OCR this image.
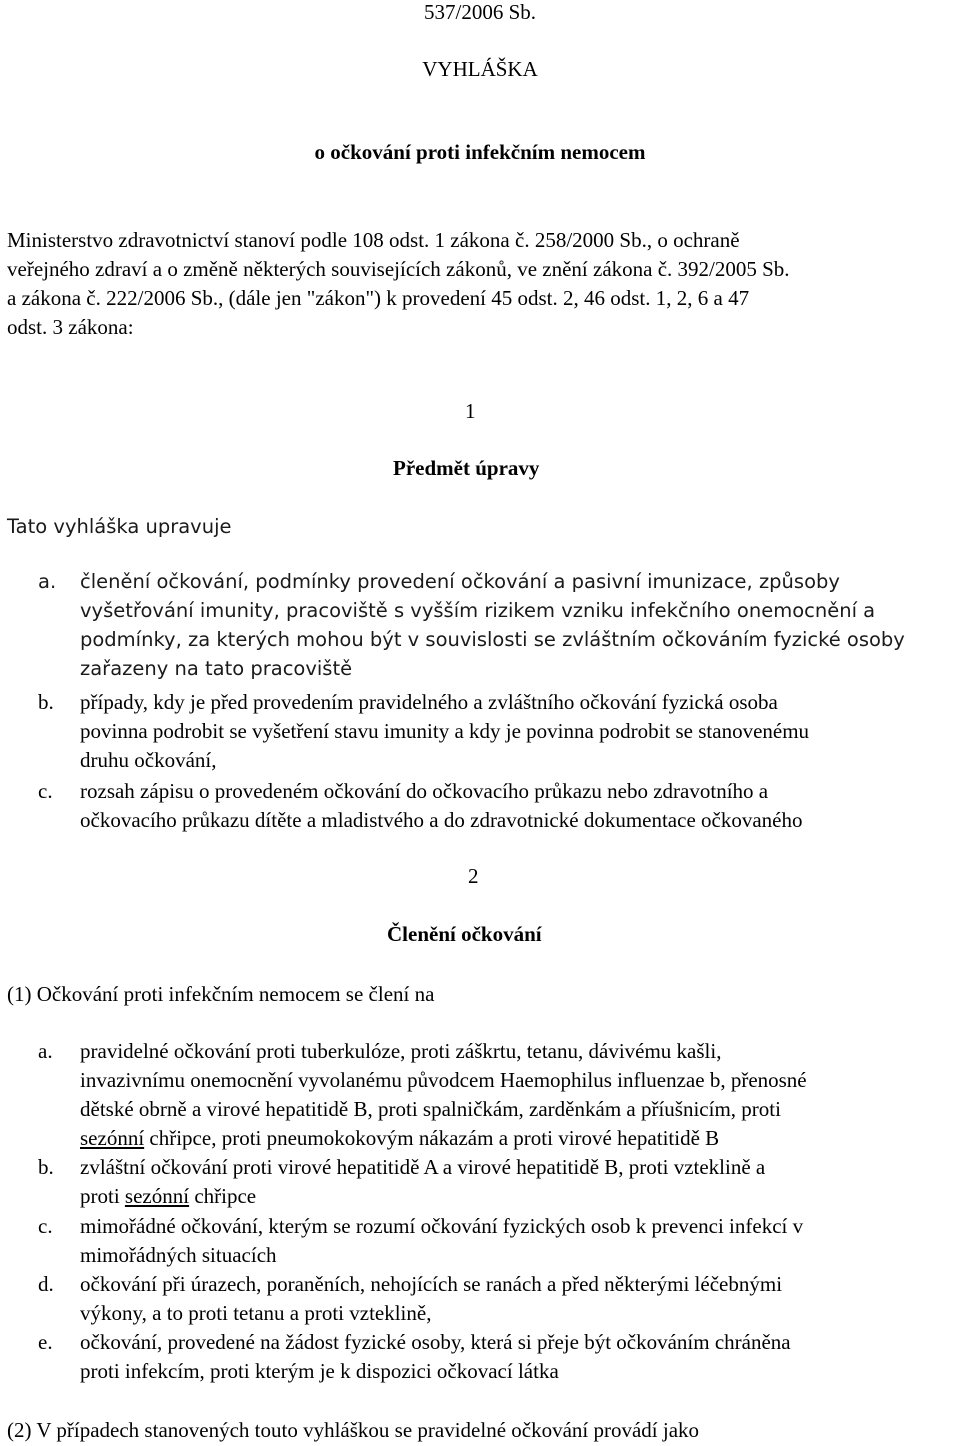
537/2006 Sb.
VYHLÁŠKA
o očkování proti infekčním nemocem
Ministerstvo zdravotnictví stanoví podle 108 odst. 1 zákona č. 258/2000 Sb., o ochraně
veřejného zdraví a o změně některých souvisejících zákonů, ve znění zákona č. 392/2005 Sb.
a zákona č. 222/2006 Sb., (dále jen "zákon") k provedení 45 odst. 2, 46 odst. 1, 2, 6 a 47
odst. 3 zákona:
1
Předmět úpravy
Tato vyhláška upravuje
a. členění očkování, podmínky provedení očkování a pasivní imunizace, způsoby
vyšetřování imunity, pracoviště s vyšším rizikem vzniku infekčního onemocnění a
podmínky, za kterých mohou být v souvislosti se zvláštním očkováním fyzické osoby
zařazeny na tato pracoviště
b. případy, kdy je před provedením pravidelného a zvláštního očkování fyzická osoba
povinna podrobit se vyšetření stavu imunity a kdy je povinna podrobit se stanovenému
druhu očkování,
c. rozsah zápisu o provedeném očkování do očkovacího průkazu nebo zdravotního a
očkovacího průkazu dítěte a mladistvého a do zdravotnické dokumentace očkovaného
2
Členění očkování
(1) Očkování proti infekčním nemocem se člení na
a. pravidelné očkování proti tuberkulóze, proti záškrtu, tetanu, dávivému kašli,
invazivnímu onemocnění vyvolanému původcem Haemophilus influenzae b, přenosné
dětské obrně a virové hepatitidě B, proti spalničkám, zarděnkám a příušnicím, proti
sezónní chřipce, proti pneumokokovým nákazám a proti virové hepatitidě B
b. zvláštní očkování proti virové hepatitidě A a virové hepatitidě B, proti vzteklině a
proti sezónní chřipce
c. mimořádné očkování, kterým se rozumí očkování fyzických osob k prevenci infekcí v
mimořádných situacích
d. očkování při úrazech, poraněních, nehojících se ranách a před některými léčebnými
výkony, a to proti tetanu a proti vzteklině,
e. očkování, provedené na žádost fyzické osoby, která si přeje být očkováním chráněna
proti infekcím, proti kterým je k dispozici očkovací látka
(2) V případech stanovených touto vyhláškou se pravidelné očkování provádí jako
